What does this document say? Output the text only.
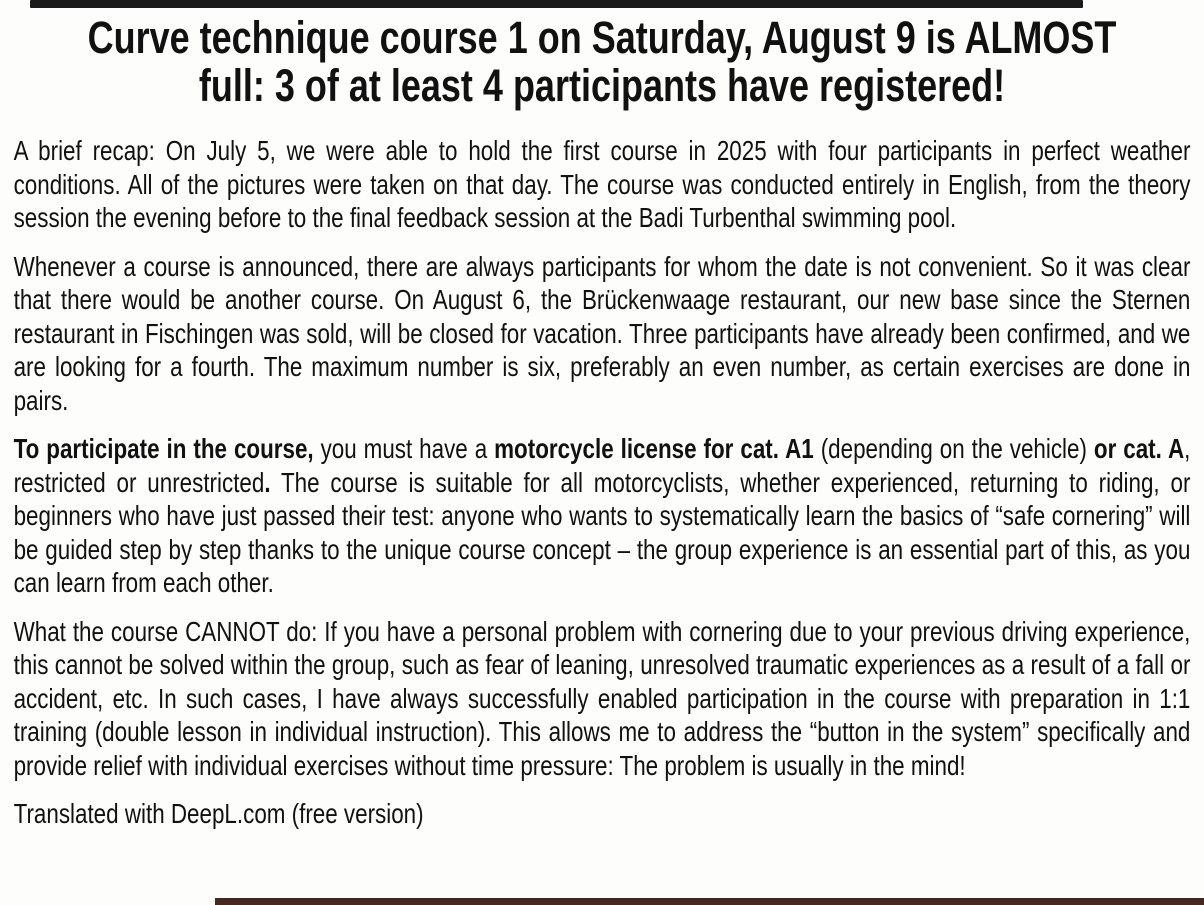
Curve technique course 1 on Saturday, August 9 is ALMOST
full: 3 of at least 4 participants have registered!

A brief recap: On July 5, we were able to hold the first course in 2025 with four participants in perfect weather conditions. All of the pictures were taken on that day. The course was conducted entirely in English, from the theory session the evening before to the final feedback session at the Badi Turbenthal swimming pool.

Whenever a course is announced, there are always participants for whom the date is not convenient. So it was clear that there would be another course. On August 6, the Brückenwaage restaurant, our new base since the Sternen restaurant in Fischingen was sold, will be closed for vacation. Three participants have already been confirmed, and we are looking for a fourth. The maximum number is six, preferably an even number, as certain exercises are done in pairs.

To participate in the course, you must have a motorcycle license for cat. A1 (depending on the vehicle) or cat. A, restricted or unrestricted. The course is suitable for all motorcyclists, whether experienced, returning to riding, or beginners who have just passed their test: anyone who wants to systematically learn the basics of “safe cornering” will be guided step by step thanks to the unique course concept – the group experience is an essential part of this, as you can learn from each other.

What the course CANNOT do: If you have a personal problem with cornering due to your previous driving experience, this cannot be solved within the group, such as fear of leaning, unresolved traumatic experiences as a result of a fall or accident, etc. In such cases, I have always successfully enabled participation in the course with preparation in 1:1 training (double lesson in individual instruction). This allows me to address the “button in the system” specifically and provide relief with individual exercises without time pressure: The problem is usually in the mind!

Translated with DeepL.com (free version)
